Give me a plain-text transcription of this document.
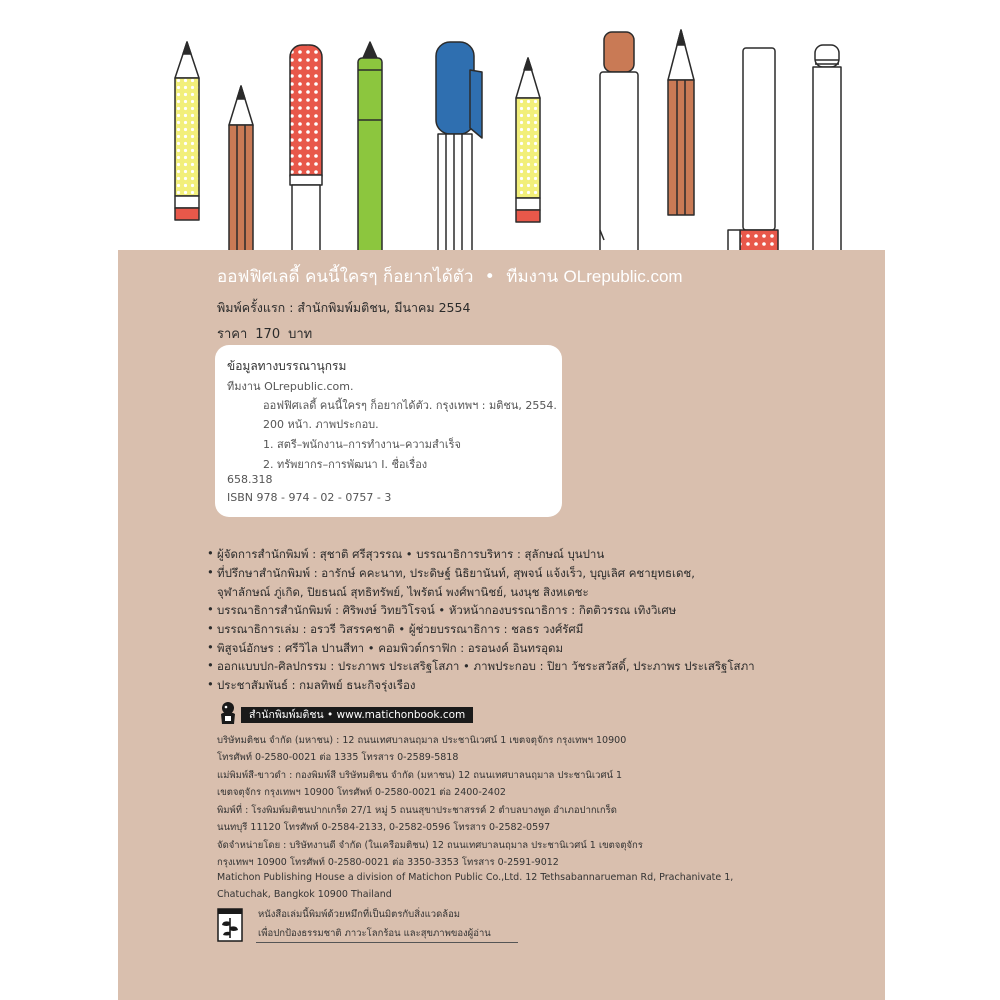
ออฟฟิศเลดี้ คนนี้ใครๆ ก็อยากได้ตัว • ทีมงาน OLrepublic.com
พิมพ์ครั้งแรก : สำนักพิมพ์มติชน, มีนาคม 2554
ราคา 170 บาท
ข้อมูลทางบรรณานุกรม
ทีมงาน OLrepublic.com.
ออฟฟิศเลดี้ คนนี้ใครๆ ก็อยากได้ตัว. กรุงเทพฯ : มติชน, 2554.
200 หน้า. ภาพประกอบ.
1. สตรี–พนักงาน–การทำงาน–ความสำเร็จ
2. ทรัพยากร–การพัฒนา I. ชื่อเรื่อง
658.318
ISBN 978 - 974 - 02 - 0757 - 3
• ผู้จัดการสำนักพิมพ์ : สุชาติ ศรีสุวรรณ • บรรณาธิการบริหาร : สุลักษณ์ บุนปาน
• ที่ปรึกษาสำนักพิมพ์ : อารักษ์ คคะนาท, ประดิษฐ์ นิธิยานันท์, สุพจน์ แจ้งเร็ว, บุญเลิศ คชายุทธเดช,
จุฬาลักษณ์ ภู่เกิด, ปิยธนณ์ สุทธิทรัพย์, ไพรัตน์ พงศ์พานิชย์, นงนุช สิงหเดชะ
• บรรณาธิการสำนักพิมพ์ : ศิริพงษ์ วิทยวิโรจน์ • หัวหน้ากองบรรณาธิการ : กิตติวรรณ เทิงวิเศษ
• บรรณาธิการเล่ม : อรวรี วิสรรคชาติ • ผู้ช่วยบรรณาธิการ : ชลธร วงศ์รัศมี
• พิสูจน์อักษร : ศรีวิไล ปานสีทา • คอมพิวต์กราฟิก : อรอนงค์ อินทรอุดม
• ออกแบบปก-ศิลปกรรม : ประภาพร ประเสริฐโสภา • ภาพประกอบ : ปิยา วัชระสวัสดิ์, ประภาพร ประเสริฐโสภา
• ประชาสัมพันธ์ : กมลทิพย์ ธนะกิจรุ่งเรือง
สำนักพิมพ์มติชน • www.matichonbook.com
บริษัทมติชน จำกัด (มหาชน) : 12 ถนนเทศบาลนฤมาล ประชานิเวศน์ 1 เขตจตุจักร กรุงเทพฯ 10900
โทรศัพท์ 0-2580-0021 ต่อ 1335 โทรสาร 0-2589-5818
แม่พิมพ์สี-ขาวดำ : กองพิมพ์สี บริษัทมติชน จำกัด (มหาชน) 12 ถนนเทศบาลนฤมาล ประชานิเวศน์ 1
เขตจตุจักร กรุงเทพฯ 10900 โทรศัพท์ 0-2580-0021 ต่อ 2400-2402
พิมพ์ที่ : โรงพิมพ์มติชนปากเกร็ด 27/1 หมู่ 5 ถนนสุขาประชาสรรค์ 2 ตำบลบางพูด อำเภอปากเกร็ด
นนทบุรี 11120 โทรศัพท์ 0-2584-2133, 0-2582-0596 โทรสาร 0-2582-0597
จัดจำหน่ายโดย : บริษัทงานดี จำกัด (ในเครือมติชน) 12 ถนนเทศบาลนฤมาล ประชานิเวศน์ 1 เขตจตุจักร
กรุงเทพฯ 10900 โทรศัพท์ 0-2580-0021 ต่อ 3350-3353 โทรสาร 0-2591-9012
Matichon Publishing House a division of Matichon Public Co.,Ltd. 12 Tethsabannarueman Rd, Prachanivate 1,
Chatuchak, Bangkok 10900 Thailand
หนังสือเล่มนี้พิมพ์ด้วยหมึกที่เป็นมิตรกับสิ่งแวดล้อม
เพื่อปกป้องธรรมชาติ ภาวะโลกร้อน และสุขภาพของผู้อ่าน
